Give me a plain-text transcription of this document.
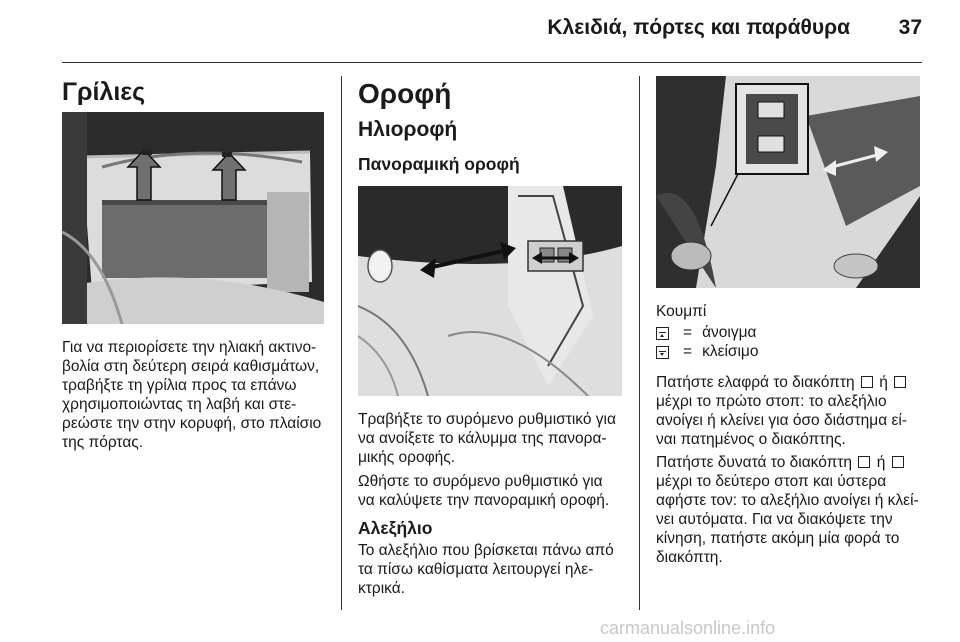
Κλειδιά, πόρτες και παράθυρα 37
Γρίλιες
Για να περιορίσετε την ηλιακή ακτινο-
βολία στη δεύτερη σειρά καθισμάτων,
τραβήξτε τη γρίλια προς τα επάνω
χρησιμοποιώντας τη λαβή και στε-
ρεώστε την στην κορυφή, στο πλαίσιο
της πόρτας.
Οροφή
Ηλιοροφή
Πανοραμική οροφή
Τραβήξτε το συρόμενο ρυθμιστικό για
να ανοίξετε το κάλυμμα της πανορα-
μικής οροφής.
Ωθήστε το συρόμενο ρυθμιστικό για
να καλύψετε την πανοραμική οροφή.
Αλεξήλιο
Το αλεξήλιο που βρίσκεται πάνω από
τα πίσω καθίσματα λειτουργεί ηλε-
κτρικά.
Κουμπί
= άνοιγμα
= κλείσιμο
Πατήστε ελαφρά το διακόπτη ή
μέχρι το πρώτο στοπ: το αλεξήλιο
ανοίγει ή κλείνει για όσο διάστημα εί-
ναι πατημένος ο διακόπτης.
Πατήστε δυνατά το διακόπτη ή
μέχρι το δεύτερο στοπ και ύστερα
αφήστε τον: το αλεξήλιο ανοίγει ή κλεί-
νει αυτόματα. Για να διακόψετε την
κίνηση, πατήστε ακόμη μία φορά το
διακόπτη.
carmanualsonline.info
